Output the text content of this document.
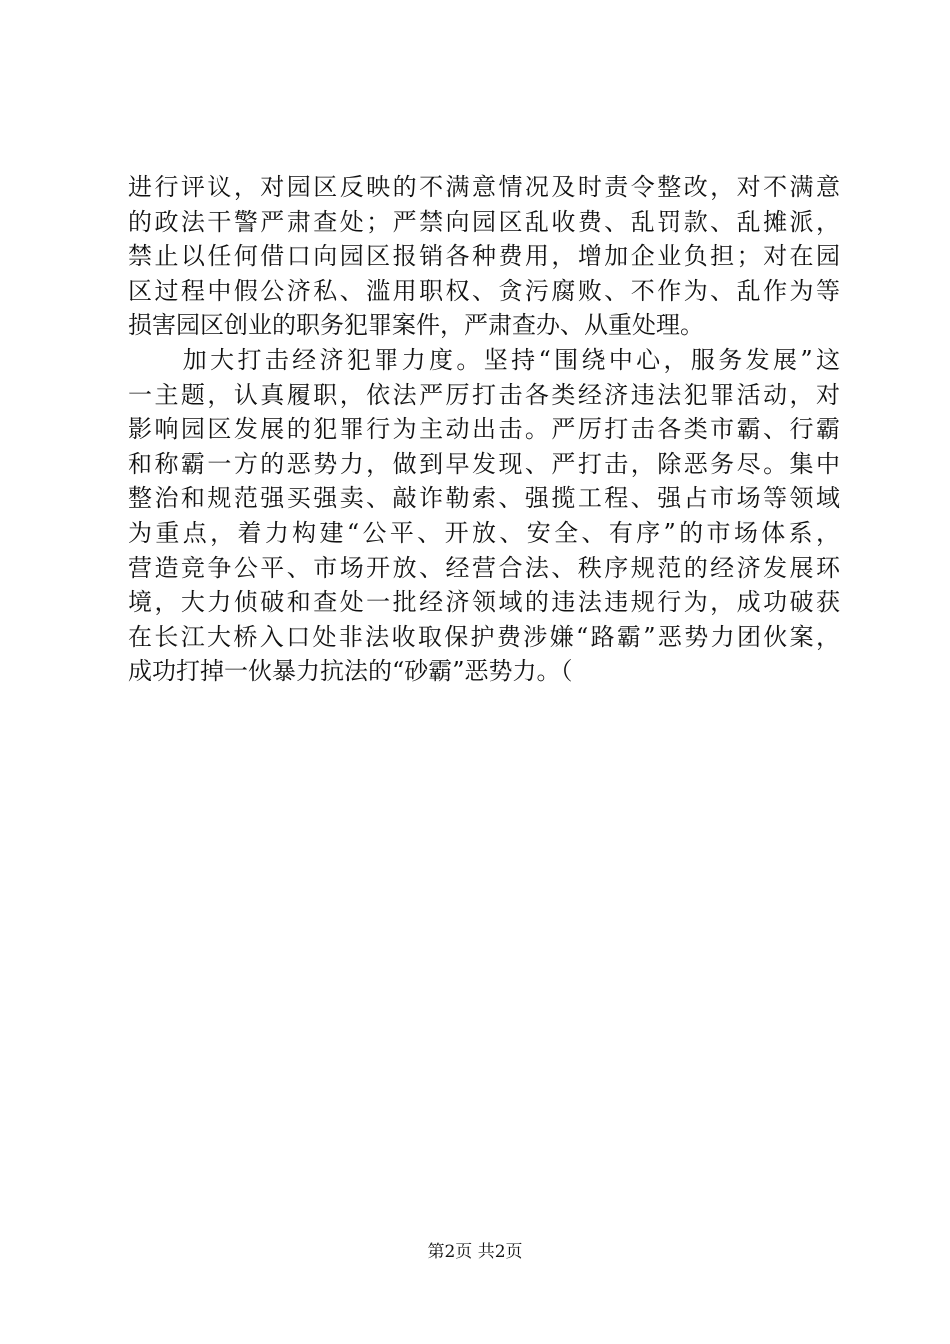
进行评议，对园区反映的不满意情况及时责令整改，对不满意
的政法干警严肃查处；严禁向园区乱收费、乱罚款、乱摊派，
禁止以任何借口向园区报销各种费用，增加企业负担；对在园
区过程中假公济私、滥用职权、贪污腐败、不作为、乱作为等
损害园区创业的职务犯罪案件，严肃查办、从重处理。
　　加大打击经济犯罪力度。坚持“围绕中心，服务发展”这
一主题，认真履职，依法严厉打击各类经济违法犯罪活动，对
影响园区发展的犯罪行为主动出击。严厉打击各类市霸、行霸
和称霸一方的恶势力，做到早发现、严打击，除恶务尽。集中
整治和规范强买强卖、敲诈勒索、强揽工程、强占市场等领域
为重点，着力构建“公平、开放、安全、有序”的市场体系，
营造竞争公平、市场开放、经营合法、秩序规范的经济发展环
境，大力侦破和查处一批经济领域的违法违规行为，成功破获
在长江大桥入口处非法收取保护费涉嫌“路霸”恶势力团伙案，
成功打掉一伙暴力抗法的“砂霸”恶势力。（
第2页 共2页
